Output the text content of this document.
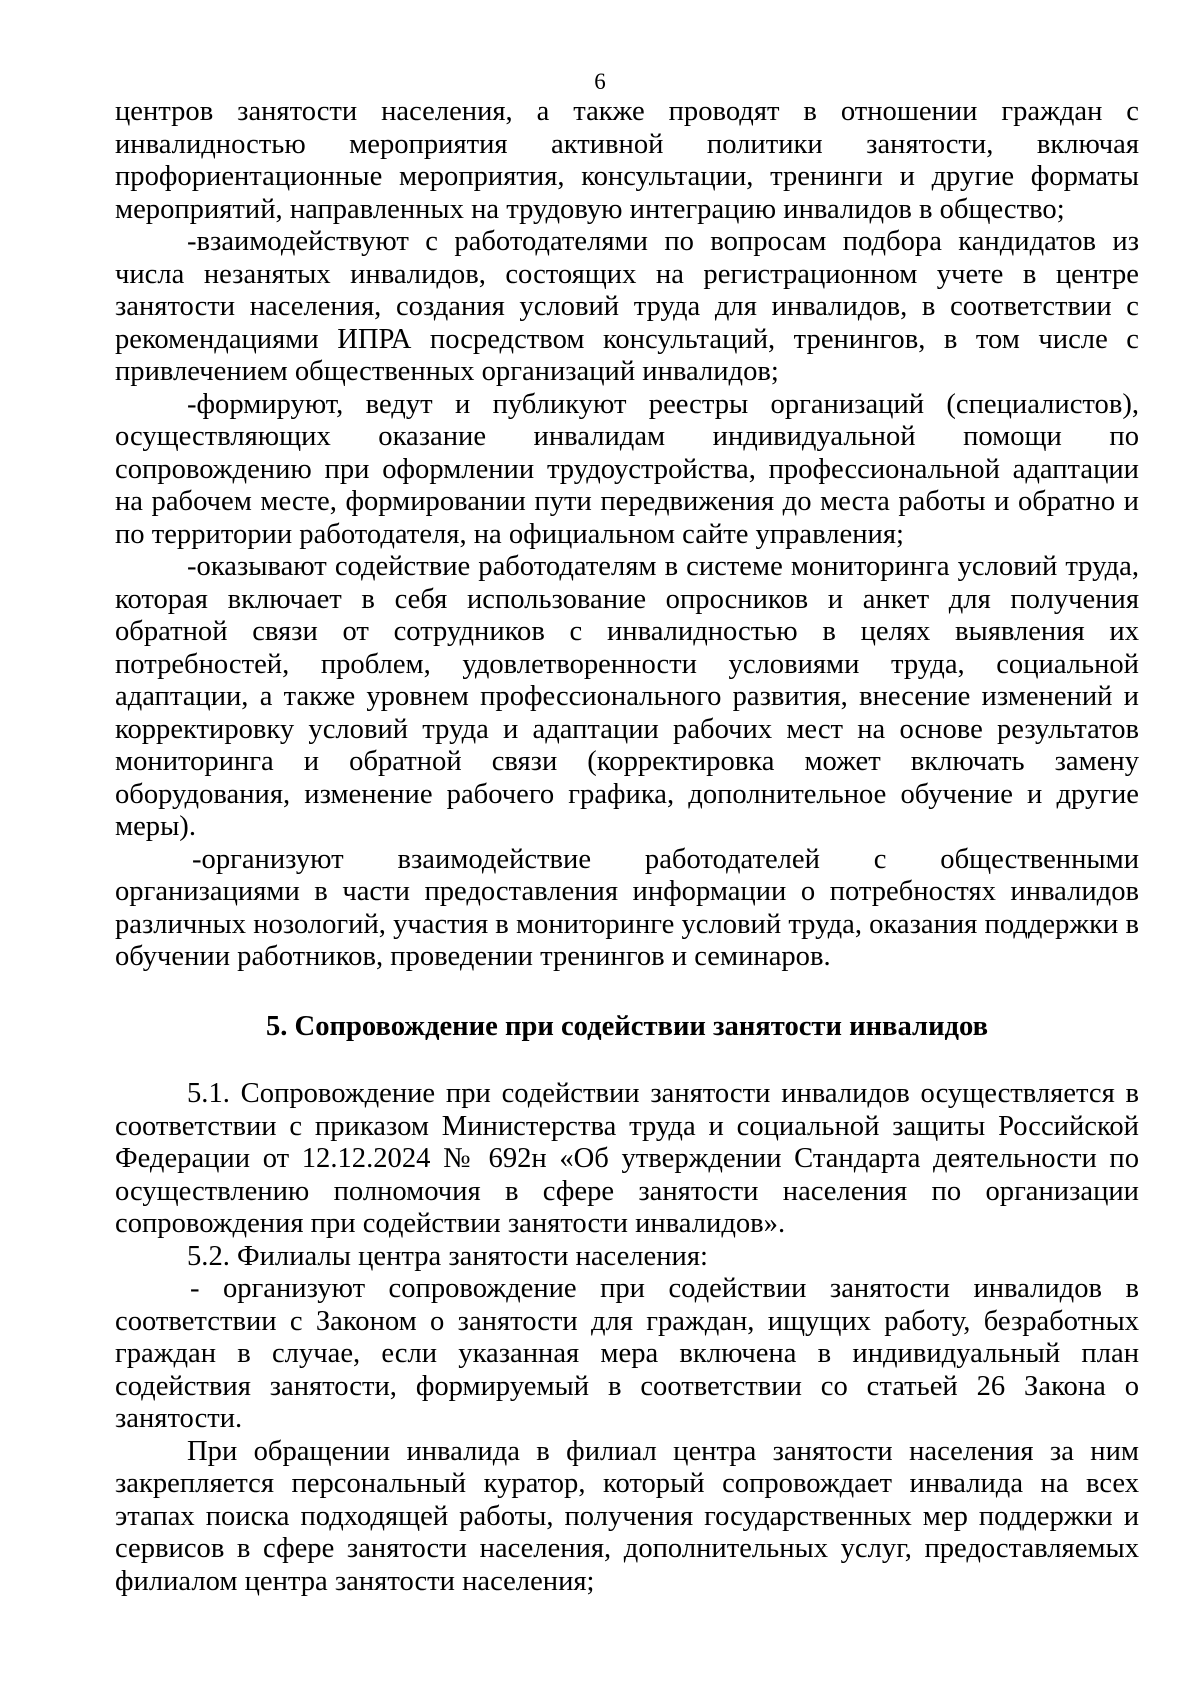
6

центров занятости населения, а также проводят в отношении граждан с инвалидностью мероприятия активной политики занятости, включая профориентационные мероприятия, консультации, тренинги и другие форматы мероприятий, направленных на трудовую интеграцию инвалидов в общество;

-взаимодействуют с работодателями по вопросам подбора кандидатов из числа незанятых инвалидов, состоящих на регистрационном учете в центре занятости населения, создания условий труда для инвалидов, в соответствии с рекомендациями ИПРА посредством консультаций, тренингов, в том числе с привлечением общественных организаций инвалидов;

-формируют, ведут и публикуют реестры организаций (специалистов), осуществляющих оказание инвалидам индивидуальной помощи по сопровождению при оформлении трудоустройства, профессиональной адаптации на рабочем месте, формировании пути передвижения до места работы и обратно и по территории работодателя, на официальном сайте управления;

-оказывают содействие работодателям в системе мониторинга условий труда, которая включает в себя использование опросников и анкет для получения обратной связи от сотрудников с инвалидностью в целях выявления их потребностей, проблем, удовлетворенности условиями труда, социальной адаптации, а также уровнем профессионального развития, внесение изменений и корректировку условий труда и адаптации рабочих мест на основе результатов мониторинга и обратной связи (корректировка может включать замену оборудования, изменение рабочего графика, дополнительное обучение и другие меры).

-организуют взаимодействие работодателей с общественными организациями в части предоставления информации о потребностях инвалидов различных нозологий, участия в мониторинге условий труда, оказания поддержки в обучении работников, проведении тренингов и семинаров.

5. Сопровождение при содействии занятости инвалидов

5.1. Сопровождение при содействии занятости инвалидов осуществляется в соответствии с приказом Министерства труда и социальной защиты Российской Федерации от 12.12.2024 № 692н «Об утверждении Стандарта деятельности по осуществлению полномочия в сфере занятости населения по организации сопровождения при содействии занятости инвалидов».

5.2. Филиалы центра занятости населения:

- организуют сопровождение при содействии занятости инвалидов в соответствии с Законом о занятости для граждан, ищущих работу, безработных граждан в случае, если указанная мера включена в индивидуальный план содействия занятости, формируемый в соответствии со статьей 26 Закона о занятости.

При обращении инвалида в филиал центра занятости населения за ним закрепляется персональный куратор, который сопровождает инвалида на всех этапах поиска подходящей работы, получения государственных мер поддержки и сервисов в сфере занятости населения, дополнительных услуг, предоставляемых филиалом центра занятости населения;
